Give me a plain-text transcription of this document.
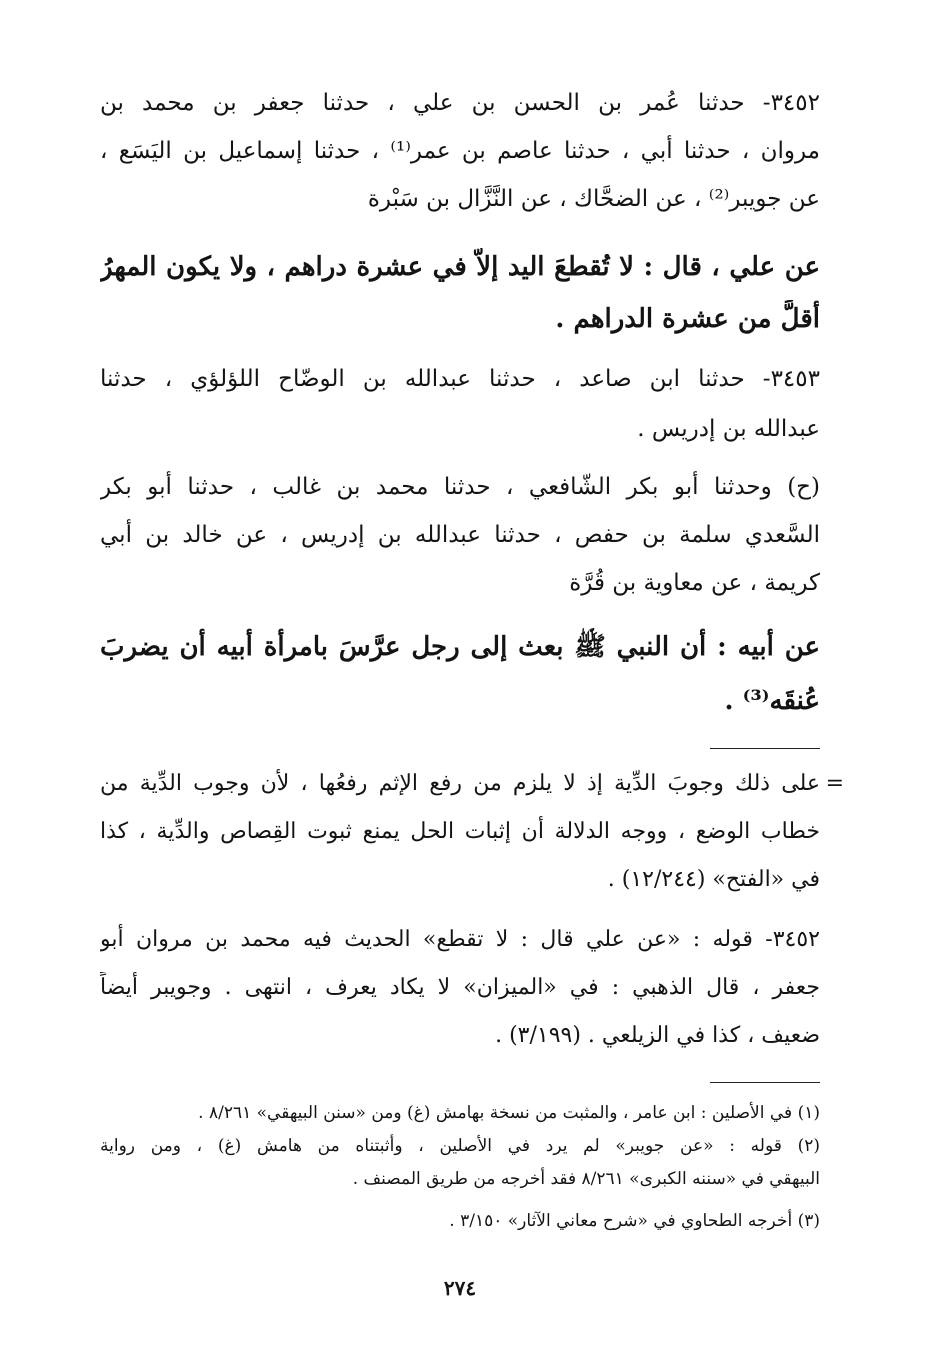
٣٤٥٢- حدثنا عُمر بن الحسن بن علي ، حدثنا جعفر بن محمد بن
مروان ، حدثنا أبي ، حدثنا عاصم بن عمر⁽¹⁾ ، حدثنا إسماعيل بن اليَسَع ،
عن جويبر⁽²⁾ ، عن الضحَّاك ، عن النَّزَّال بن سَبْرة
عن علي ، قال : لا تُقطعَ اليد إلاّ في عشرة دراهم ، ولا يكون المهرُ
أقلَّ من عشرة الدراهم .
٣٤٥٣- حدثنا ابن صاعد ، حدثنا عبدالله بن الوضّاح اللؤلؤي ، حدثنا
عبدالله بن إدريس .
(ح) وحدثنا أبو بكر الشّافعي ، حدثنا محمد بن غالب ، حدثنا أبو بكر
السَّعدي سلمة بن حفص ، حدثنا عبدالله بن إدريس ، عن خالد بن أبي
كريمة ، عن معاوية بن قُرَّة
عن أبيه : أن النبي ﷺ بعث إلى رجل عرَّسَ بامرأة أبيه أن يضربَ
عُنقَه⁽³⁾ .
=
على ذلك وجوبَ الدِّية إذ لا يلزم من رفع الإثم رفعُها ، لأن وجوب الدِّية من
خطاب الوضع ، ووجه الدلالة أن إثبات الحل يمنع ثبوت القِصاص والدِّية ، كذا
في «الفتح» (١٢/٢٤٤) .
٣٤٥٢- قوله : «عن علي قال : لا تقطع» الحديث فيه محمد بن مروان أبو
جعفر ، قال الذهبي : في «الميزان» لا يكاد يعرف ، انتهى . وجويبر أيضاً
ضعيف ، كذا في الزيلعي . (٣/١٩٩) .
(١) في الأصلين : ابن عامر ، والمثبت من نسخة بهامش (غ) ومن «سنن البيهقي» ٨/٢٦١ .
(٢) قوله : «عن جويبر» لم يرد في الأصلين ، وأثبتناه من هامش (غ) ، ومن رواية
البيهقي في «سننه الكبرى» ٨/٢٦١ فقد أخرجه من طريق المصنف .
(٣) أخرجه الطحاوي في «شرح معاني الآثار» ٣/١٥٠ .
٢٧٤
